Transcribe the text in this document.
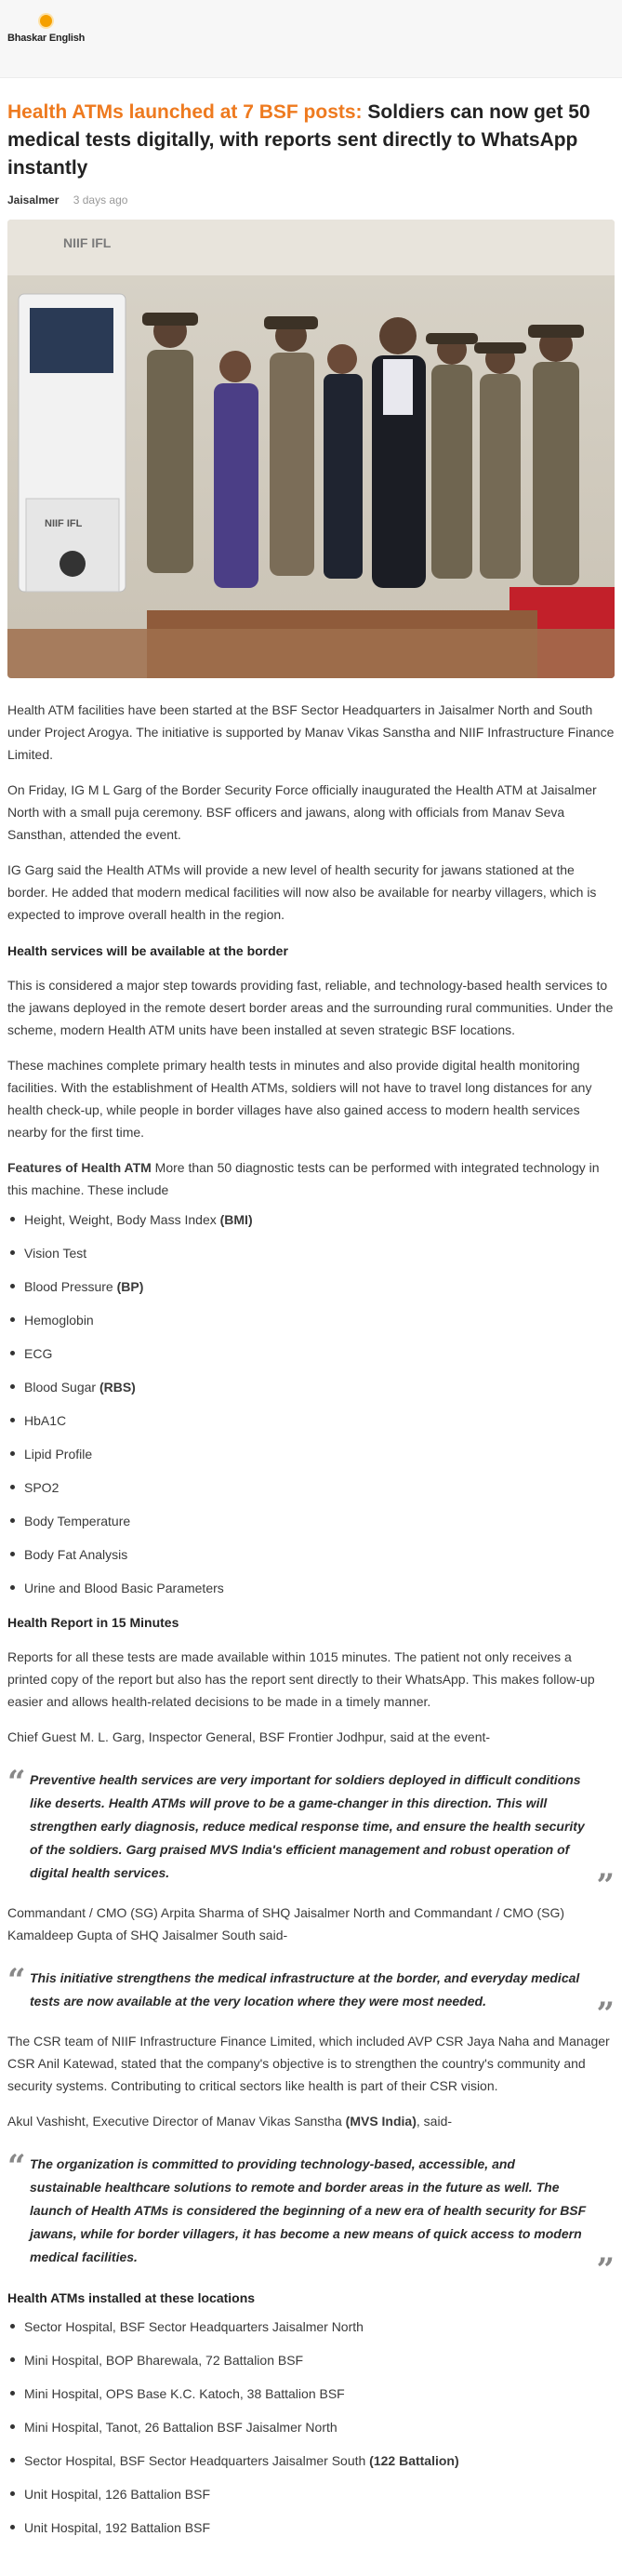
Bhaskar English
Health ATMs launched at 7 BSF posts: Soldiers can now get 50 medical tests digitally, with reports sent directly to WhatsApp instantly
Jaisalmer 3 days ago
NIIF IFL
NIIF IFL

Health ATM facilities have been started at the BSF Sector Headquarters in Jaisalmer North and South under Project Arogya. The initiative is supported by Manav Vikas Sanstha and NIIF Infrastructure Finance Limited.

On Friday, IG M L Garg of the Border Security Force officially inaugurated the Health ATM at Jaisalmer North with a small puja ceremony. BSF officers and jawans, along with officials from Manav Seva Sansthan, attended the event.

IG Garg said the Health ATMs will provide a new level of health security for jawans stationed at the border. He added that modern medical facilities will now also be available for nearby villagers, which is expected to improve overall health in the region.

Health services will be available at the border

This is considered a major step towards providing fast, reliable, and technology-based health services to the jawans deployed in the remote desert border areas and the surrounding rural communities. Under the scheme, modern Health ATM units have been installed at seven strategic BSF locations.

These machines complete primary health tests in minutes and also provide digital health monitoring facilities. With the establishment of Health ATMs, soldiers will not have to travel long distances for any health check-up, while people in border villages have also gained access to modern health services nearby for the first time.

Features of Health ATM More than 50 diagnostic tests can be performed with integrated technology in this machine. These include

Height, Weight, Body Mass Index (BMI)
Vision Test
Blood Pressure (BP)
Hemoglobin
ECG
Blood Sugar (RBS)
HbA1C
Lipid Profile
SPO2
Body Temperature
Body Fat Analysis
Urine and Blood Basic Parameters
Health Report in 15 Minutes

Reports for all these tests are made available within 1015 minutes. The patient not only receives a printed copy of the report but also has the report sent directly to their WhatsApp. This makes follow-up easier and allows health-related decisions to be made in a timely manner.

Chief Guest M. L. Garg, Inspector General, BSF Frontier Jodhpur, said at the event-

“ Preventive health services are very important for soldiers deployed in difficult conditions like deserts. Health ATMs will prove to be a game-changer in this direction. This will strengthen early diagnosis, reduce medical response time, and ensure the health security of the soldiers. Garg praised MVS India's efficient management and robust operation of digital health services.	”

Commandant / CMO (SG) Arpita Sharma of SHQ Jaisalmer North and Commandant / CMO (SG) Kamaldeep Gupta of SHQ Jaisalmer South said-

“ This initiative strengthens the medical infrastructure at the border, and everyday medical tests are now available at the very location where they were most needed.	”

The CSR team of NIIF Infrastructure Finance Limited, which included AVP CSR Jaya Naha and Manager CSR Anil Katewad, stated that the company's objective is to strengthen the country's community and security systems. Contributing to critical sectors like health is part of their CSR vision.

Akul Vashisht, Executive Director of Manav Vikas Sanstha (MVS India), said-

“ The organization is committed to providing technology-based, accessible, and sustainable healthcare solutions to remote and border areas in the future as well. The launch of Health ATMs is considered the beginning of a new era of health security for BSF jawans, while for border villagers, it has become a new means of quick access to modern medical facilities.	”
Health ATMs installed at these locations
Sector Hospital, BSF Sector Headquarters Jaisalmer North
Mini Hospital, BOP Bharewala, 72 Battalion BSF
Mini Hospital, OPS Base K.C. Katoch, 38 Battalion BSF
Mini Hospital, Tanot, 26 Battalion BSF Jaisalmer North
Sector Hospital, BSF Sector Headquarters Jaisalmer South (122 Battalion)
Unit Hospital, 126 Battalion BSF
Unit Hospital, 192 Battalion BSF
